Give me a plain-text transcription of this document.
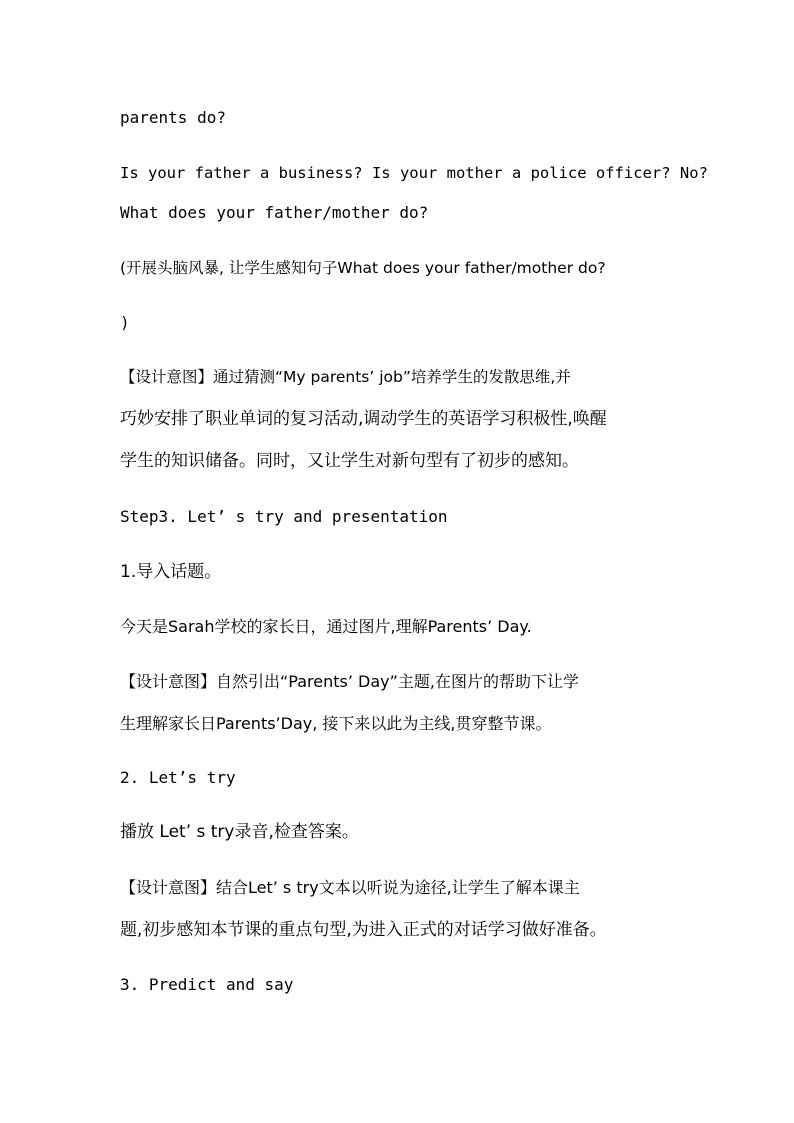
parents do?
Is your father a business? Is your mother a police officer? No?
What does your father/mother do?
(开展头脑风暴, 让学生感知句子What does your father/mother do?
)
【设计意图】通过猜测“My parents’ job”培养学生的发散思维,并
巧妙安排了职业单词的复习活动,调动学生的英语学习积极性,唤醒
学生的知识储备。同时，又让学生对新句型有了初步的感知。
Step3. Let’ s try and presentation
1.导入话题。
今天是Sarah学校的家长日，通过图片,理解Parents’ Day.
【设计意图】自然引出“Parents’ Day”主题,在图片的帮助下让学
生理解家长日Parents’Day, 接下来以此为主线,贯穿整节课。
2. Let’s try
播放 Let’ s try录音,检查答案。
【设计意图】结合Let’ s try文本以听说为途径,让学生了解本课主
题,初步感知本节课的重点句型,为进入正式的对话学习做好准备。
3. Predict and say
